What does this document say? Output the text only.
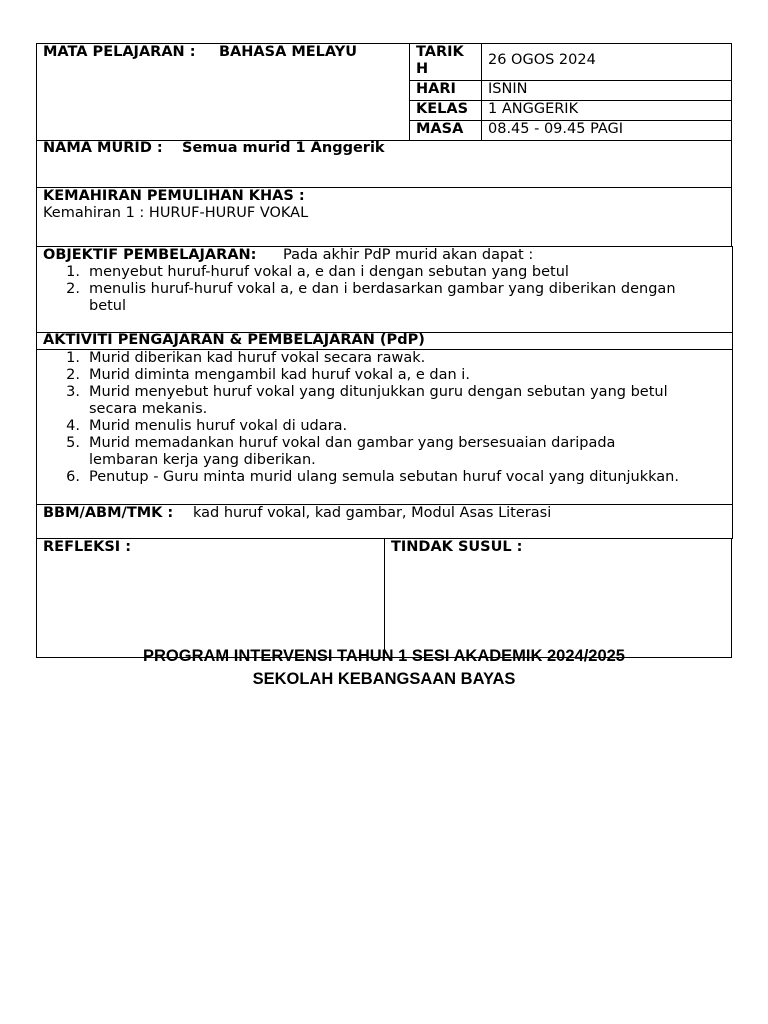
MATA PELAJARAN : BAHASA MELAYU	TARIK
H
26 OGOS 2024
HARI ISNIN
KELAS 1 ANGGERIK
MASA 08.45 - 09.45 PAGI
NAMA MURID : Semua murid 1 Anggerik
KEMAHIRAN PEMULIHAN KHAS :
Kemahiran 1 : HURUF-HURUF VOKAL
OBJEKTIF PEMBELAJARAN: Pada akhir PdP murid akan dapat :
1. menyebut huruf-huruf vokal a, e dan i dengan sebutan yang betul
2. menulis huruf-huruf vokal a, e dan i berdasarkan gambar yang diberikan dengan
betul
AKTIVITI PENGAJARAN & PEMBELAJARAN (PdP)
1. Murid diberikan kad huruf vokal secara rawak.
2. Murid diminta mengambil kad huruf vokal a, e dan i.
3. Murid menyebut huruf vokal yang ditunjukkan guru dengan sebutan yang betul
secara mekanis.
4. Murid menulis huruf vokal di udara.
5. Murid memadankan huruf vokal dan gambar yang bersesuaian daripada
lembaran kerja yang diberikan.
6. Penutup - Guru minta murid ulang semula sebutan huruf vocal yang ditunjukkan.
BBM/ABM/TMK : kad huruf vokal, kad gambar, Modul Asas Literasi
REFLEKSI :	TINDAK SUSUL :
PROGRAM INTERVENSI TAHUN 1 SESI AKADEMIK 2024/2025
SEKOLAH KEBANGSAAN BAYAS
